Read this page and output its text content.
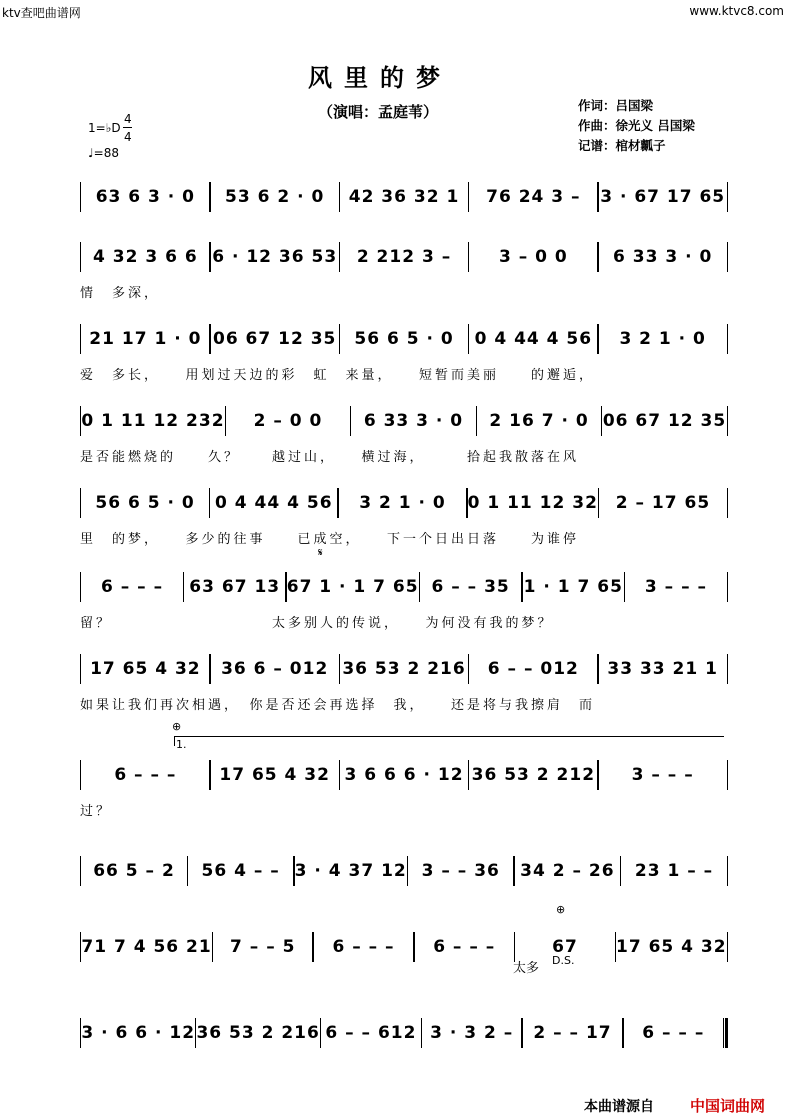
ktv查吧曲谱网	www.ktvc8.com
风里的梦
（演唱：孟庭苇）	作词：吕国梁
作曲：徐光义 吕国梁
记谱：棺材瓤子
1=♭D
4
4
♩=88
63 6 3 · 0	53 6 2 · 0	42 36 32 1	76 24 3 –	3 · 67 17 65
4 32 3 6 6 6 · 12 36 53	2 212 3 –	3 – 0 0	6 33 3 · 0
情　多深，
21 17 1 · 0 06 67 12 35	56 6 5 · 0	0 4 44 4 56	3 2 1 · 0
爱　多长，　　用划过天边的彩　虹　来量，　　短暂而美丽　　的邂逅，
0 1 11 12 232	2 – 0 0	6 33 3 · 0	2 16 7 · 0 06 67 12 35
是否能燃烧的　　久？　　越过山，　　横过海，　　　拾起我散落在风
56 6 5 · 0	0 4 44 4 56	3 2 1 · 0	0 1 11 12 32	2 – 17 65
里　的梦，　　多少的往事　　已成空，　　下一个日出日落　　为谁停
6 – – –	63 67 13 67 1 · 1 7 65 6 – – 35 1 · 1 7 65	3 – – –
留？　　　　　　　　　　太多别人的传说，　　为何没有我的梦？
17 65 4 32	36 6 – 012 36 53 2 216	6 – – 012	33 33 21 1
如果让我们再次相遇，　你是否还会再选择　我，　　还是将与我擦肩　而
6 – – –	17 65 4 32 3 6 6 6 · 12 36 53 2 212	3 – – –
过？
66 5 – 2	56 4 – – 3 · 4 37 12 3 – – 36	34 2 – 26	23 1 – –
71 7 4 56 21	7 – – 5	6 – – –	6 – – –	67	17 65 4 32
3 · 6 6 · 12 36 53 2 216 6 – – 612 3 · 3 2 –	2 – – 17	6 – – –
太多
D.S.
1.
⊕
⊕
𝄋
本曲谱源自 中国词曲网
